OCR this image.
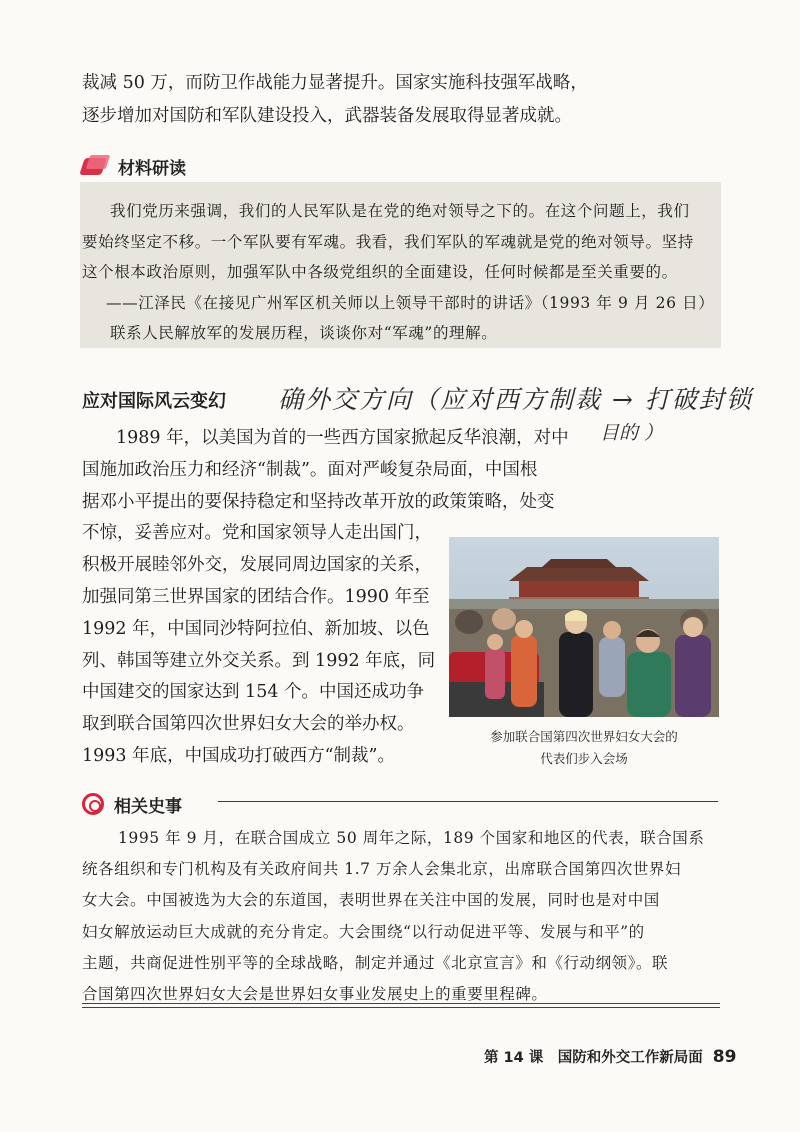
裁减 50 万，而防卫作战能力显著提升。国家实施科技强军战略，
逐步增加对国防和军队建设投入，武器装备发展取得显著成就。
材料研读
我们党历来强调，我们的人民军队是在党的绝对领导之下的。在这个问题上，我们
要始终坚定不移。一个军队要有军魂。我看，我们军队的军魂就是党的绝对领导。坚持
这个根本政治原则，加强军队中各级党组织的全面建设，任何时候都是至关重要的。
——江泽民《在接见广州军区机关师以上领导干部时的讲话》（1993 年 9 月 26 日）
联系人民解放军的发展历程，谈谈你对“军魂”的理解。
应对国际风云变幻 确外交方向（应对西方制裁 → 打破封锁
目的 ）
1989 年，以美国为首的一些西方国家掀起反华浪潮，对中
国施加政治压力和经济“制裁”。面对严峻复杂局面，中国根
据邓小平提出的要保持稳定和坚持改革开放的政策策略，处变
不惊，妥善应对。党和国家领导人走出国门，
积极开展睦邻外交，发展同周边国家的关系，
加强同第三世界国家的团结合作。1990 年至
1992 年，中国同沙特阿拉伯、新加坡、以色
列、韩国等建立外交关系。到 1992 年底，同
中国建交的国家达到 154 个。中国还成功争
取到联合国第四次世界妇女大会的举办权。
1993 年底，中国成功打破西方“制裁”。
参加联合国第四次世界妇女大会的
代表们步入会场
相关史事
1995 年 9 月，在联合国成立 50 周年之际，189 个国家和地区的代表，联合国系
统各组织和专门机构及有关政府间共 1.7 万余人会集北京，出席联合国第四次世界妇
女大会。中国被选为大会的东道国，表明世界在关注中国的发展，同时也是对中国
妇女解放运动巨大成就的充分肯定。大会围绕“以行动促进平等、发展与和平”的
主题，共商促进性别平等的全球战略，制定并通过《北京宣言》和《行动纲领》。联
合国第四次世界妇女大会是世界妇女事业发展史上的重要里程碑。
第 14 课　国防和外交工作新局面 89
